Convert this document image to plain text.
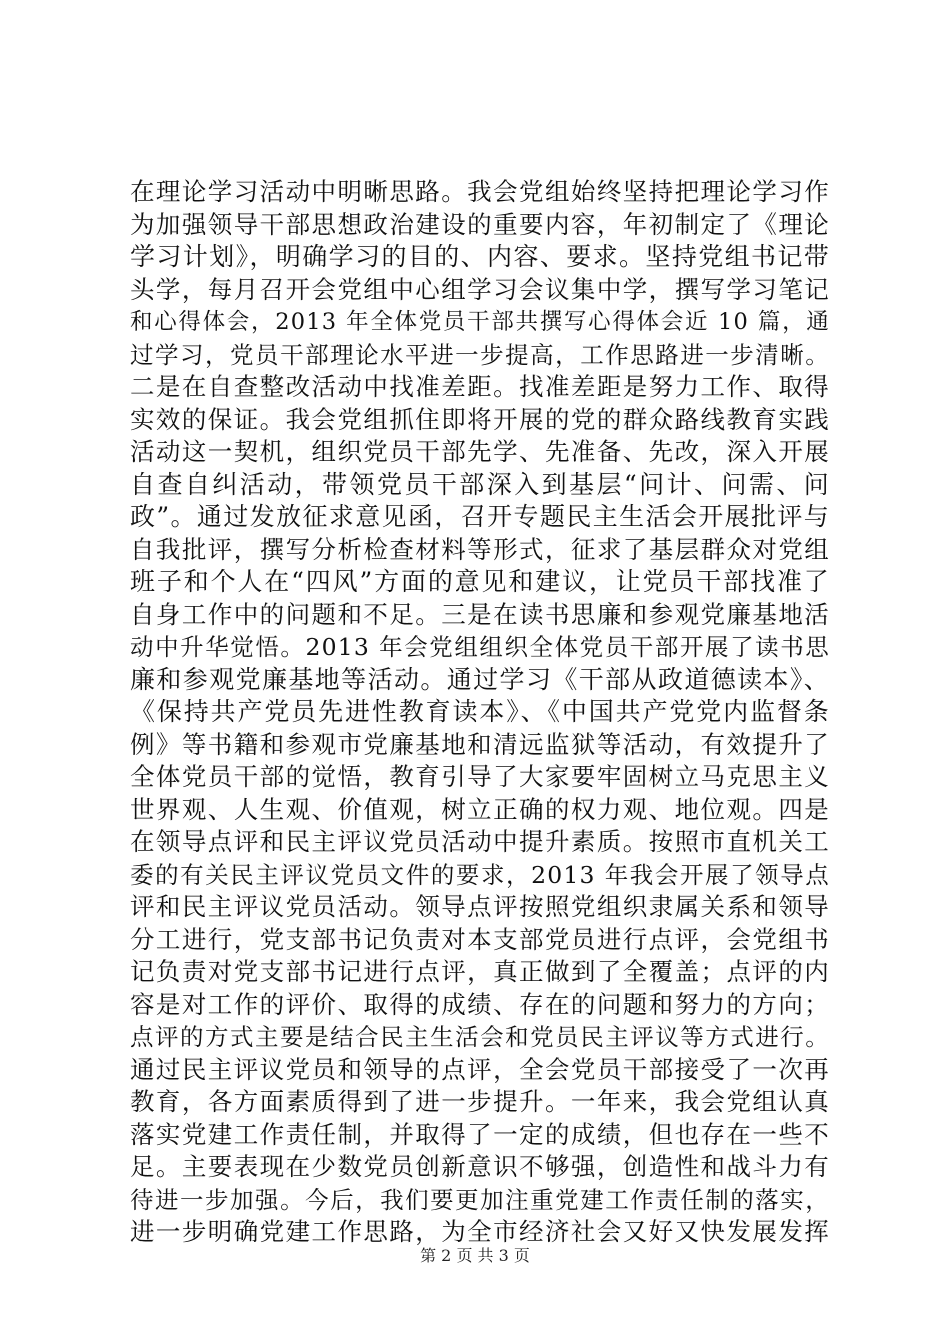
在理论学习活动中明晰思路。我会党组始终坚持把理论学习作
为加强领导干部思想政治建设的重要内容，年初制定了《理论
学习计划》，明确学习的目的、内容、要求。坚持党组书记带
头学，每月召开会党组中心组学习会议集中学，撰写学习笔记
和心得体会，2013 年全体党员干部共撰写心得体会近 10 篇，通
过学习，党员干部理论水平进一步提高，工作思路进一步清晰。
二是在自查整改活动中找准差距。找准差距是努力工作、取得
实效的保证。我会党组抓住即将开展的党的群众路线教育实践
活动这一契机，组织党员干部先学、先准备、先改，深入开展
自查自纠活动，带领党员干部深入到基层“问计、问需、问
政”。通过发放征求意见函，召开专题民主生活会开展批评与
自我批评，撰写分析检查材料等形式，征求了基层群众对党组
班子和个人在“四风”方面的意见和建议，让党员干部找准了
自身工作中的问题和不足。三是在读书思廉和参观党廉基地活
动中升华觉悟。2013 年会党组组织全体党员干部开展了读书思
廉和参观党廉基地等活动。通过学习《干部从政道德读本》、
《保持共产党员先进性教育读本》、《中国共产党党内监督条
例》等书籍和参观市党廉基地和清远监狱等活动，有效提升了
全体党员干部的觉悟，教育引导了大家要牢固树立马克思主义
世界观、人生观、价值观，树立正确的权力观、地位观。四是
在领导点评和民主评议党员活动中提升素质。按照市直机关工
委的有关民主评议党员文件的要求，2013 年我会开展了领导点
评和民主评议党员活动。领导点评按照党组织隶属关系和领导
分工进行，党支部书记负责对本支部党员进行点评，会党组书
记负责对党支部书记进行点评，真正做到了全覆盖；点评的内
容是对工作的评价、取得的成绩、存在的问题和努力的方向；
点评的方式主要是结合民主生活会和党员民主评议等方式进行。
通过民主评议党员和领导的点评，全会党员干部接受了一次再
教育，各方面素质得到了进一步提升。一年来，我会党组认真
落实党建工作责任制，并取得了一定的成绩，但也存在一些不
足。主要表现在少数党员创新意识不够强，创造性和战斗力有
待进一步加强。今后，我们要更加注重党建工作责任制的落实，
进一步明确党建工作思路，为全市经济社会又好又快发展发挥
第 2 页 共 3 页
